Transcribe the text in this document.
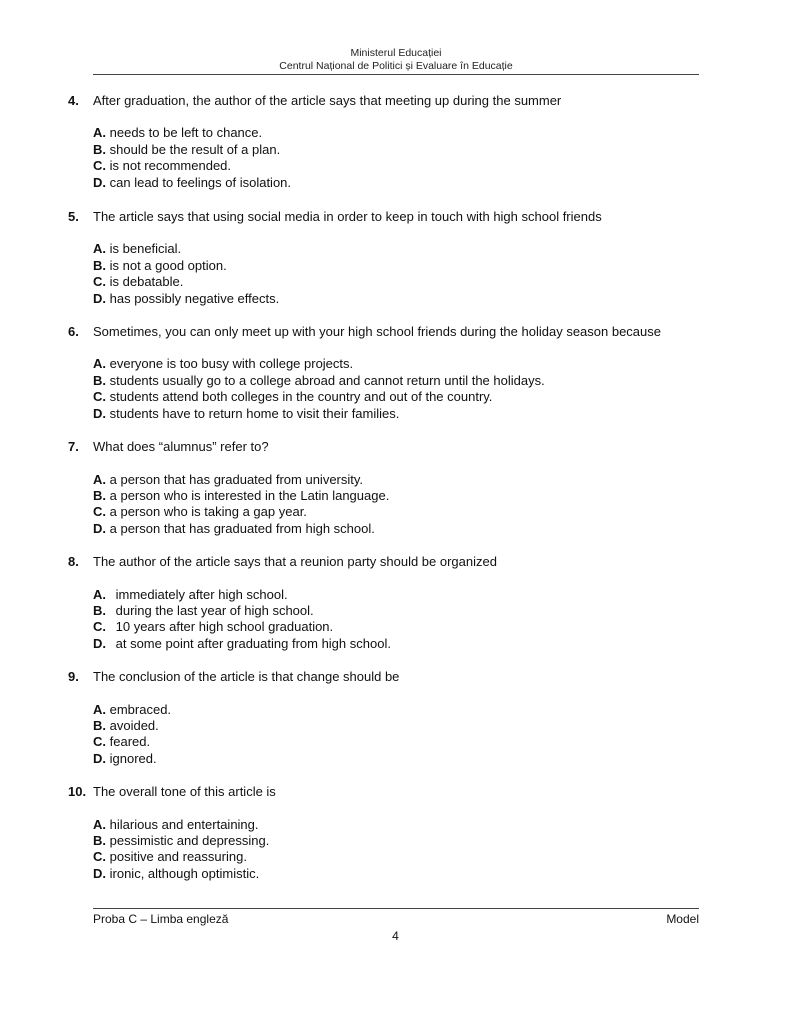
Ministerul Educației
Centrul Național de Politici și Evaluare în Educație
4. After graduation, the author of the article says that meeting up during the summer
A. needs to be left to chance.
B. should be the result of a plan.
C. is not recommended.
D. can lead to feelings of isolation.
5. The article says that using social media in order to keep in touch with high school friends
A. is beneficial.
B. is not a good option.
C. is debatable.
D. has possibly negative effects.
6. Sometimes, you can only meet up with your high school friends during the holiday season because
A. everyone is too busy with college projects.
B. students usually go to a college abroad and cannot return until the holidays.
C. students attend both colleges in the country and out of the country.
D. students have to return home to visit their families.
7. What does “alumnus” refer to?
A. a person that has graduated from university.
B. a person who is interested in the Latin language.
C. a person who is taking a gap year.
D. a person that has graduated from high school.
8. The author of the article says that a reunion party should be organized
A. immediately after high school.
B. during the last year of high school.
C. 10 years after high school graduation.
D. at some point after graduating from high school.
9. The conclusion of the article is that change should be
A. embraced.
B. avoided.
C. feared.
D. ignored.
10. The overall tone of this article is
A. hilarious and entertaining.
B. pessimistic and depressing.
C. positive and reassuring.
D. ironic, although optimistic.
Proba C – Limba engleză	Model
4
